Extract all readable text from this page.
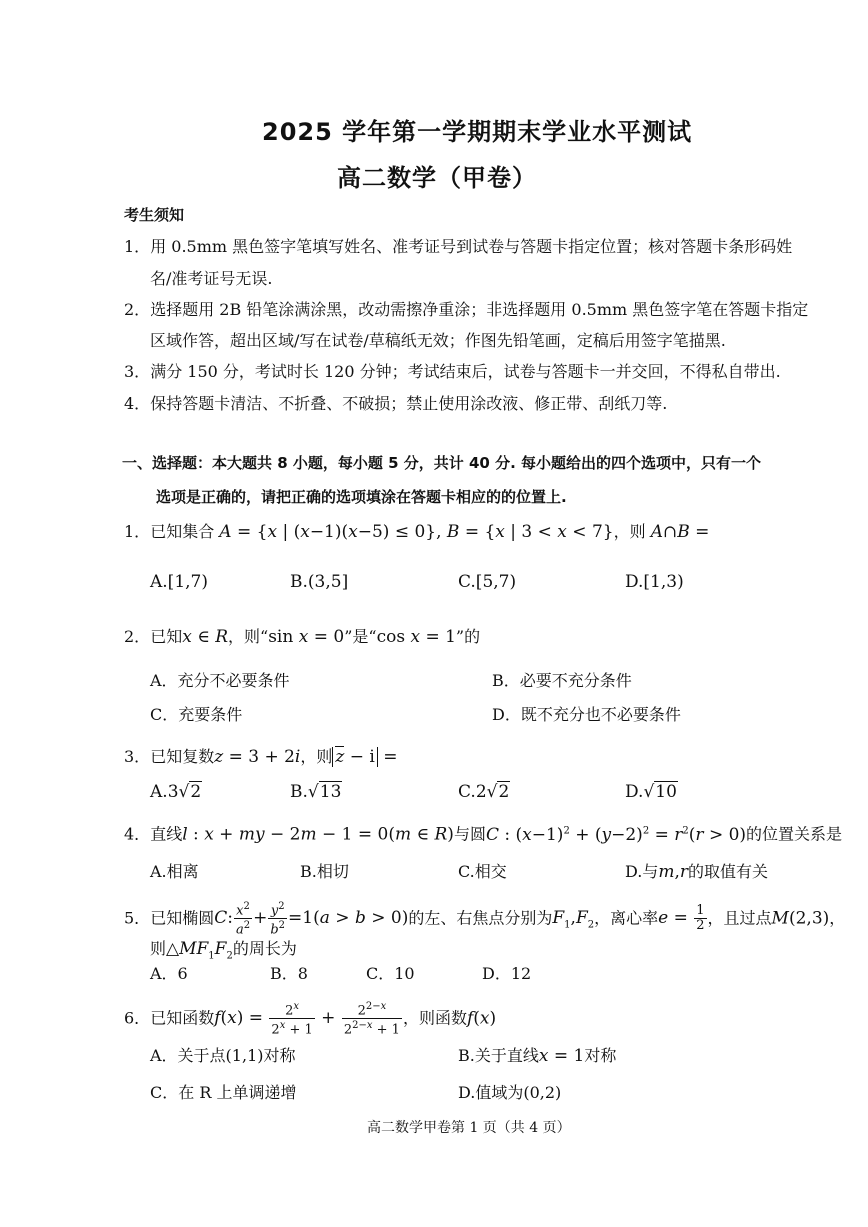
2025 学年第一学期期末学业水平测试
高二数学（甲卷）
考生须知
1．用 0.5mm 黑色签字笔填写姓名、准考证号到试卷与答题卡指定位置；核对答题卡条形码姓
名/准考证号无误.
2．选择题用 2B 铅笔涂满涂黑，改动需擦净重涂；非选择题用 0.5mm 黑色签字笔在答题卡指定
区域作答，超出区域/写在试卷/草稿纸无效；作图先铅笔画，定稿后用签字笔描黑.
3．满分 150 分，考试时长 120 分钟；考试结束后，试卷与答题卡一并交回，不得私自带出.
4．保持答题卡清洁、不折叠、不破损；禁止使用涂改液、修正带、刮纸刀等.
一、选择题：本大题共 8 小题，每小题 5 分，共计 40 分. 每小题给出的四个选项中，只有一个
选项是正确的，请把正确的选项填涂在答题卡相应的的位置上.
1．已知集合 A = {x | (x−1)(x−5) ≤ 0}, B = {x | 3 < x < 7}，则 A∩B =
A.[1,7)	B.(3,5]	C.[5,7)	D.[1,3)
2．已知x ∈ R，则“sin x = 0”是“cos x = 1”的
A．充分不必要条件	B．必要不充分条件
C．充要条件	D．既不充分也不必要条件
3．已知复数z = 3 + 2i，则 z − i =
A.3√2	B.√13	C.2√2	D.√10
4．直线l : x + my − 2m − 1 = 0(m ∈ R)与圆C : $(x-1)^2 + (y-2)^2 = r^2(r > 0)$的位置关系是
A.相离	B.相切	C.相交	D.与m,r的取值有关
5．已知椭圆C: $\frac{x^2}{a^2} + \frac{y^2}{b^2} =1(a > b > 0)$的左、右焦点分别为$F_1,F_2$，离心率$e = \frac{1}{2}$ ，且过点M(2,3)，
则$\triangle MF_1F_2$的周长为
A．6	B．8	C．10	D．12
6．已知函数$f(x) = \frac{2^x}{2^x + 1} + \frac{2^{2-x}}{2^{2-x} + 1}$ ，则函数f(x)
A．关于点(1,1)对称	B.关于直线x = 1对称
C．在 R 上单调递增	D.值域为(0,2)
高二数学甲卷第 1 页（共 4 页）
